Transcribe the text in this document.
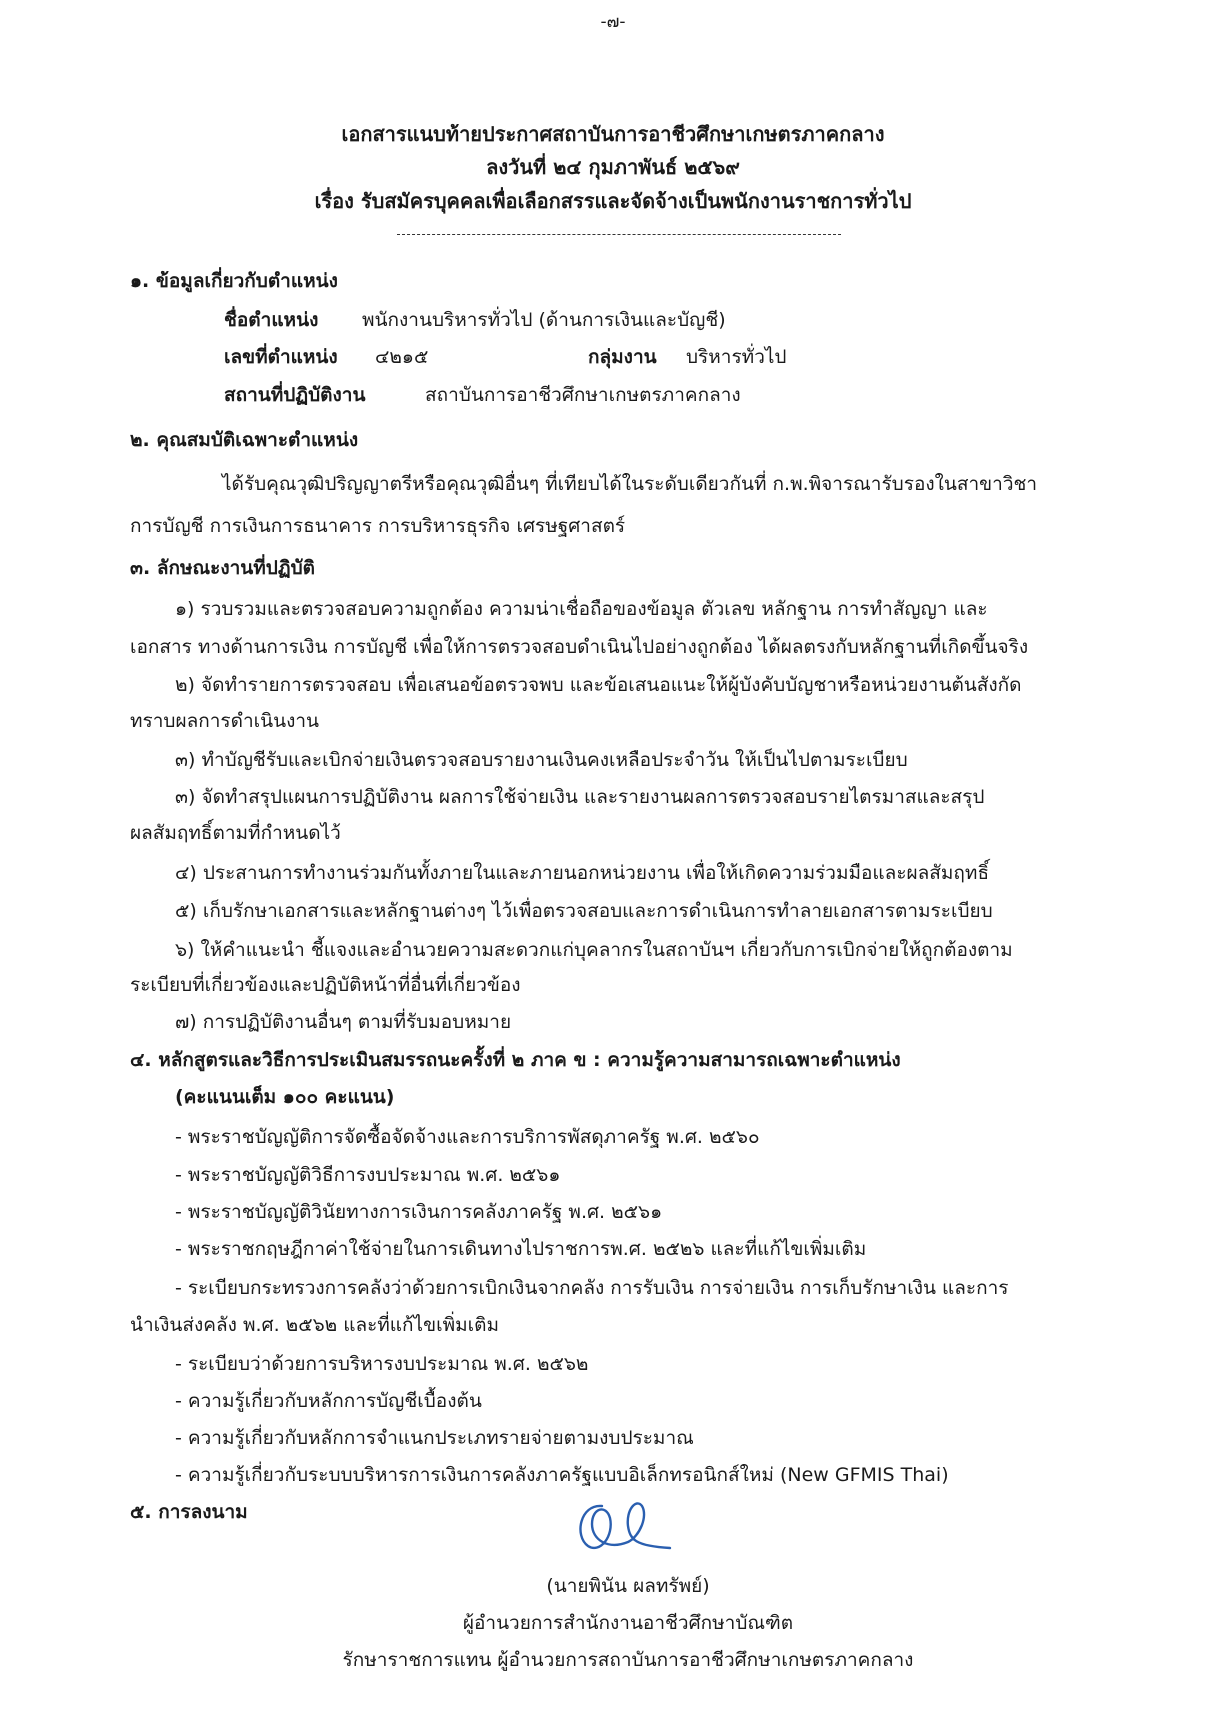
-๗-
เอกสารแนบท้ายประกาศสถาบันการอาชีวศึกษาเกษตรภาคกลาง
ลงวันที่ ๒๔ กุมภาพันธ์ ๒๕๖๙
เรื่อง รับสมัครบุคคลเพื่อเลือกสรรและจัดจ้างเป็นพนักงานราชการทั่วไป
๑. ข้อมูลเกี่ยวกับตำแหน่ง
ชื่อตำแหน่ง พนักงานบริหารทั่วไป (ด้านการเงินและบัญชี)
เลขที่ตำแหน่ง ๔๒๑๕	กลุ่มงาน บริหารทั่วไป
สถานที่ปฏิบัติงาน	สถาบันการอาชีวศึกษาเกษตรภาคกลาง
๒. คุณสมบัติเฉพาะตำแหน่ง
ได้รับคุณวุฒิปริญญาตรีหรือคุณวุฒิอื่นๆ ที่เทียบได้ในระดับเดียวกันที่ ก.พ.พิจารณารับรองในสาขาวิชา
การบัญชี การเงินการธนาคาร การบริหารธุรกิจ เศรษฐศาสตร์
๓. ลักษณะงานที่ปฏิบัติ
๑) รวบรวมและตรวจสอบความถูกต้อง ความน่าเชื่อถือของข้อมูล ตัวเลข หลักฐาน การทำสัญญา และ
เอกสาร ทางด้านการเงิน การบัญชี เพื่อให้การตรวจสอบดำเนินไปอย่างถูกต้อง ได้ผลตรงกับหลักฐานที่เกิดขึ้นจริง
๒) จัดทำรายการตรวจสอบ เพื่อเสนอข้อตรวจพบ และข้อเสนอแนะให้ผู้บังคับบัญชาหรือหน่วยงานต้นสังกัด
ทราบผลการดำเนินงาน
๓) ทำบัญชีรับและเบิกจ่ายเงินตรวจสอบรายงานเงินคงเหลือประจำวัน ให้เป็นไปตามระเบียบ
๓) จัดทำสรุปแผนการปฏิบัติงาน ผลการใช้จ่ายเงิน และรายงานผลการตรวจสอบรายไตรมาสและสรุป
ผลสัมฤทธิ์ตามที่กำหนดไว้
๔) ประสานการทำงานร่วมกันทั้งภายในและภายนอกหน่วยงาน เพื่อให้เกิดความร่วมมือและผลสัมฤทธิ์
๕) เก็บรักษาเอกสารและหลักฐานต่างๆ ไว้เพื่อตรวจสอบและการดำเนินการทำลายเอกสารตามระเบียบ
๖) ให้คำแนะนำ ชี้แจงและอำนวยความสะดวกแก่บุคลากรในสถาบันฯ เกี่ยวกับการเบิกจ่ายให้ถูกต้องตาม
ระเบียบที่เกี่ยวข้องและปฏิบัติหน้าที่อื่นที่เกี่ยวข้อง
๗) การปฏิบัติงานอื่นๆ ตามที่รับมอบหมาย
๔. หลักสูตรและวิธีการประเมินสมรรถนะครั้งที่ ๒ ภาค ข : ความรู้ความสามารถเฉพาะตำแหน่ง
(คะแนนเต็ม ๑๐๐ คะแนน)
- พระราชบัญญัติการจัดซื้อจัดจ้างและการบริการพัสดุภาครัฐ พ.ศ. ๒๕๖๐
- พระราชบัญญัติวิธีการงบประมาณ พ.ศ. ๒๕๖๑
- พระราชบัญญัติวินัยทางการเงินการคลังภาครัฐ พ.ศ. ๒๕๖๑
- พระราชกฤษฎีกาค่าใช้จ่ายในการเดินทางไปราชการพ.ศ. ๒๕๒๖ และที่แก้ไขเพิ่มเติม
- ระเบียบกระทรวงการคลังว่าด้วยการเบิกเงินจากคลัง การรับเงิน การจ่ายเงิน การเก็บรักษาเงิน และการ
นำเงินส่งคลัง พ.ศ. ๒๕๖๒ และที่แก้ไขเพิ่มเติม
- ระเบียบว่าด้วยการบริหารงบประมาณ พ.ศ. ๒๕๖๒
- ความรู้เกี่ยวกับหลักการบัญชีเบื้องต้น
- ความรู้เกี่ยวกับหลักการจำแนกประเภทรายจ่ายตามงบประมาณ
- ความรู้เกี่ยวกับระบบบริหารการเงินการคลังภาครัฐแบบอิเล็กทรอนิกส์ใหม่ (New GFMIS Thai)
๕. การลงนาม
(นายพินัน ผลทรัพย์)
ผู้อำนวยการสำนักงานอาชีวศึกษาบัณฑิต
รักษาราชการแทน ผู้อำนวยการสถาบันการอาชีวศึกษาเกษตรภาคกลาง
